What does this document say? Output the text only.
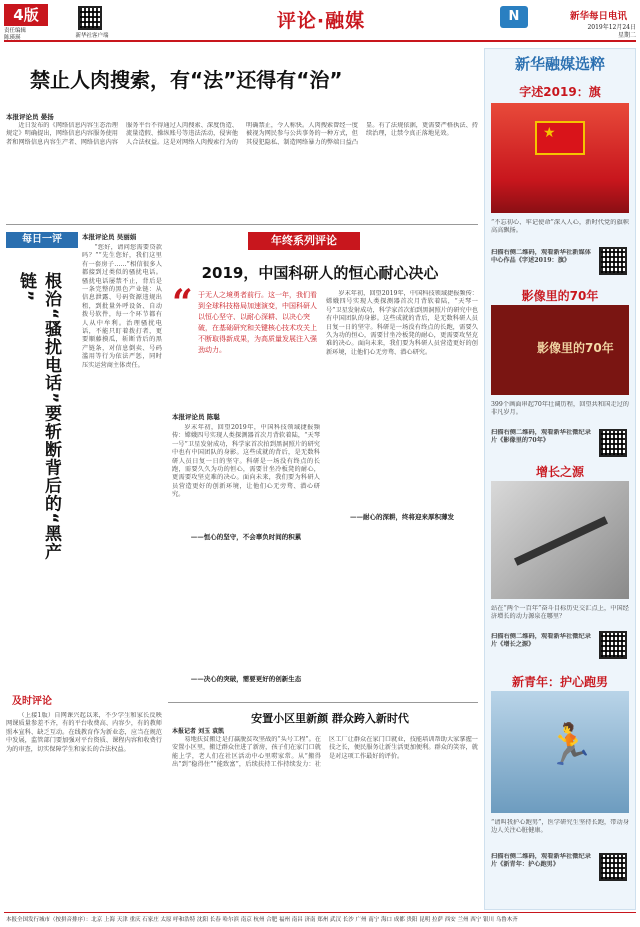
4版
责任编辑
陈瑛瑛	新华社客户端
评论·融媒	N	新华每日电讯
2019年12月24日
星期二
禁止人肉搜索，有“法”还得有“治”
本报评论员 晏扬

近日发布的《网络信息内容生态治理规定》明确提出，网络信息内容服务使用者和网络信息内容生产者、网络信息内容服务平台不得通过人肉搜索、深度伪造、流量造假、操纵账号等违法活动，侵害他人合法权益。这是对网络人肉搜索行为的明确禁止，令人称快。人肉搜索曾经一度被视为网民参与公共事务的一种方式，但其侵犯隐私、制造网络暴力的弊端日益凸显。有了法规依据，更需要严格执法、持续治理，让禁令真正落地见效。

每日一评
根治“骚扰电话”要斩断背后的“黑产链”
本报评论员 吴丽娟

“您好，请问您需要贷款吗？”“先生您好，我们这里有一套房子……”相信很多人都接到过类似的骚扰电话。骚扰电话屡禁不止，背后是一条完整的黑色产业链：从信息泄露、号码资源违规出租，到批量外呼设备、自动拨号软件，每一个环节都有人从中牟利。治理骚扰电话，不能只盯着拨打者，更要顺藤摸瓜，斩断背后的黑产链条，对信息倒卖、号码滥用等行为依法严惩，同时压实运营商主体责任。

及时评论

（上接1版）自网课兴起以来，不少学生和家长反映网课质量参差不齐，有的平台收费高、内容少，有的教师照本宣科、缺乏互动。在线教育作为新业态，应当在规范中发展，监管部门要加强对平台资质、课程内容和收费行为的审查，切实保障学生和家长的合法权益。

年终系列评论
2019，中国科研人的恒心耐心决心
“ 于无人之境勇者前行。这一年，我们看到全球科技格局加速演变，中国科研人以恒心坚守、以耐心深耕、以决心突破，在基础研究和关键核心技术攻关上不断取得新成果，为高质量发展注入强劲动力。
本报评论员 陈聪

岁末年初，回望2019年，中国科技领域捷报频传：嫦娥四号实现人类探测器首次月背软着陆，“天琴一号”卫星发射成功，科学家首次拍到黑洞照片的研究中也有中国团队的身影。这些成就的背后，是无数科研人员日复一日的坚守。科研是一场没有终点的长跑，需要久久为功的恒心，需要甘坐冷板凳的耐心，更需要攻坚克难的决心。面向未来，我们要为科研人员营造更好的创新环境，让他们心无旁骛、潜心研究。

——恒心的坚守，不会辜负时间的积累
——决心的突破，需要更好的创新生态

岁末年初，回望2019年，中国科技领域捷报频传：嫦娥四号实现人类探测器首次月背软着陆，“天琴一号”卫星发射成功，科学家首次拍到黑洞照片的研究中也有中国团队的身影。这些成就的背后，是无数科研人员日复一日的坚守。科研是一场没有终点的长跑，需要久久为功的恒心，需要甘坐冷板凳的耐心，更需要攻坚克难的决心。面向未来，我们要为科研人员营造更好的创新环境，让他们心无旁骛、潜心研究。

——耐心的深耕，终将迎来厚积薄发
安置小区里新颜 群众跨入新时代
本报记者 刘玉 袁凯

易地扶贫搬迁是打赢脱贫攻坚战的“头号工程”。在安置小区里，搬迁群众住进了新房，孩子们在家门口就能上学，老人们在社区活动中心里唠家常。从“搬得出”到“稳得住”“能致富”，后续扶持工作持续发力：社区工厂让群众在家门口就业，技能培训帮助大家掌握一技之长，便民服务让新生活更加便利。群众的笑容，就是对这项工作最好的评价。

新华融媒选粹
字述2019：旗
★
“不忘初心、牢记使命”深入人心，新时代党的旗帜高高飘扬。
扫描右侧二维码，观看新华社新媒体中心作品《字述2019：旗》
影像里的70年
影像里的70年
399个画面串起70年壮阔历程，回望共和国走过的非凡岁月。
扫描右侧二维码，观看新华社微纪录片《影像里的70年》
增长之源
站在“两个一百年”奋斗目标历史交汇点上，中国经济增长的动力源泉在哪里？
扫描右侧二维码，观看新华社微纪录片《增长之源》
新青年：护心跑男
🏃
“请叫我护心跑男”，医学研究生坚持长跑，带动身边人关注心脏健康。
扫描右侧二维码，观看新华社微纪录片《新青年：护心跑男》
本报全国发行城市（按拼音排序）：北京 上海 天津 重庆 石家庄 太原 呼和浩特 沈阳 长春 哈尔滨 南京 杭州 合肥 福州 南昌 济南 郑州 武汉 长沙 广州 南宁 海口 成都 贵阳 昆明 拉萨 西安 兰州 西宁 银川 乌鲁木齐
